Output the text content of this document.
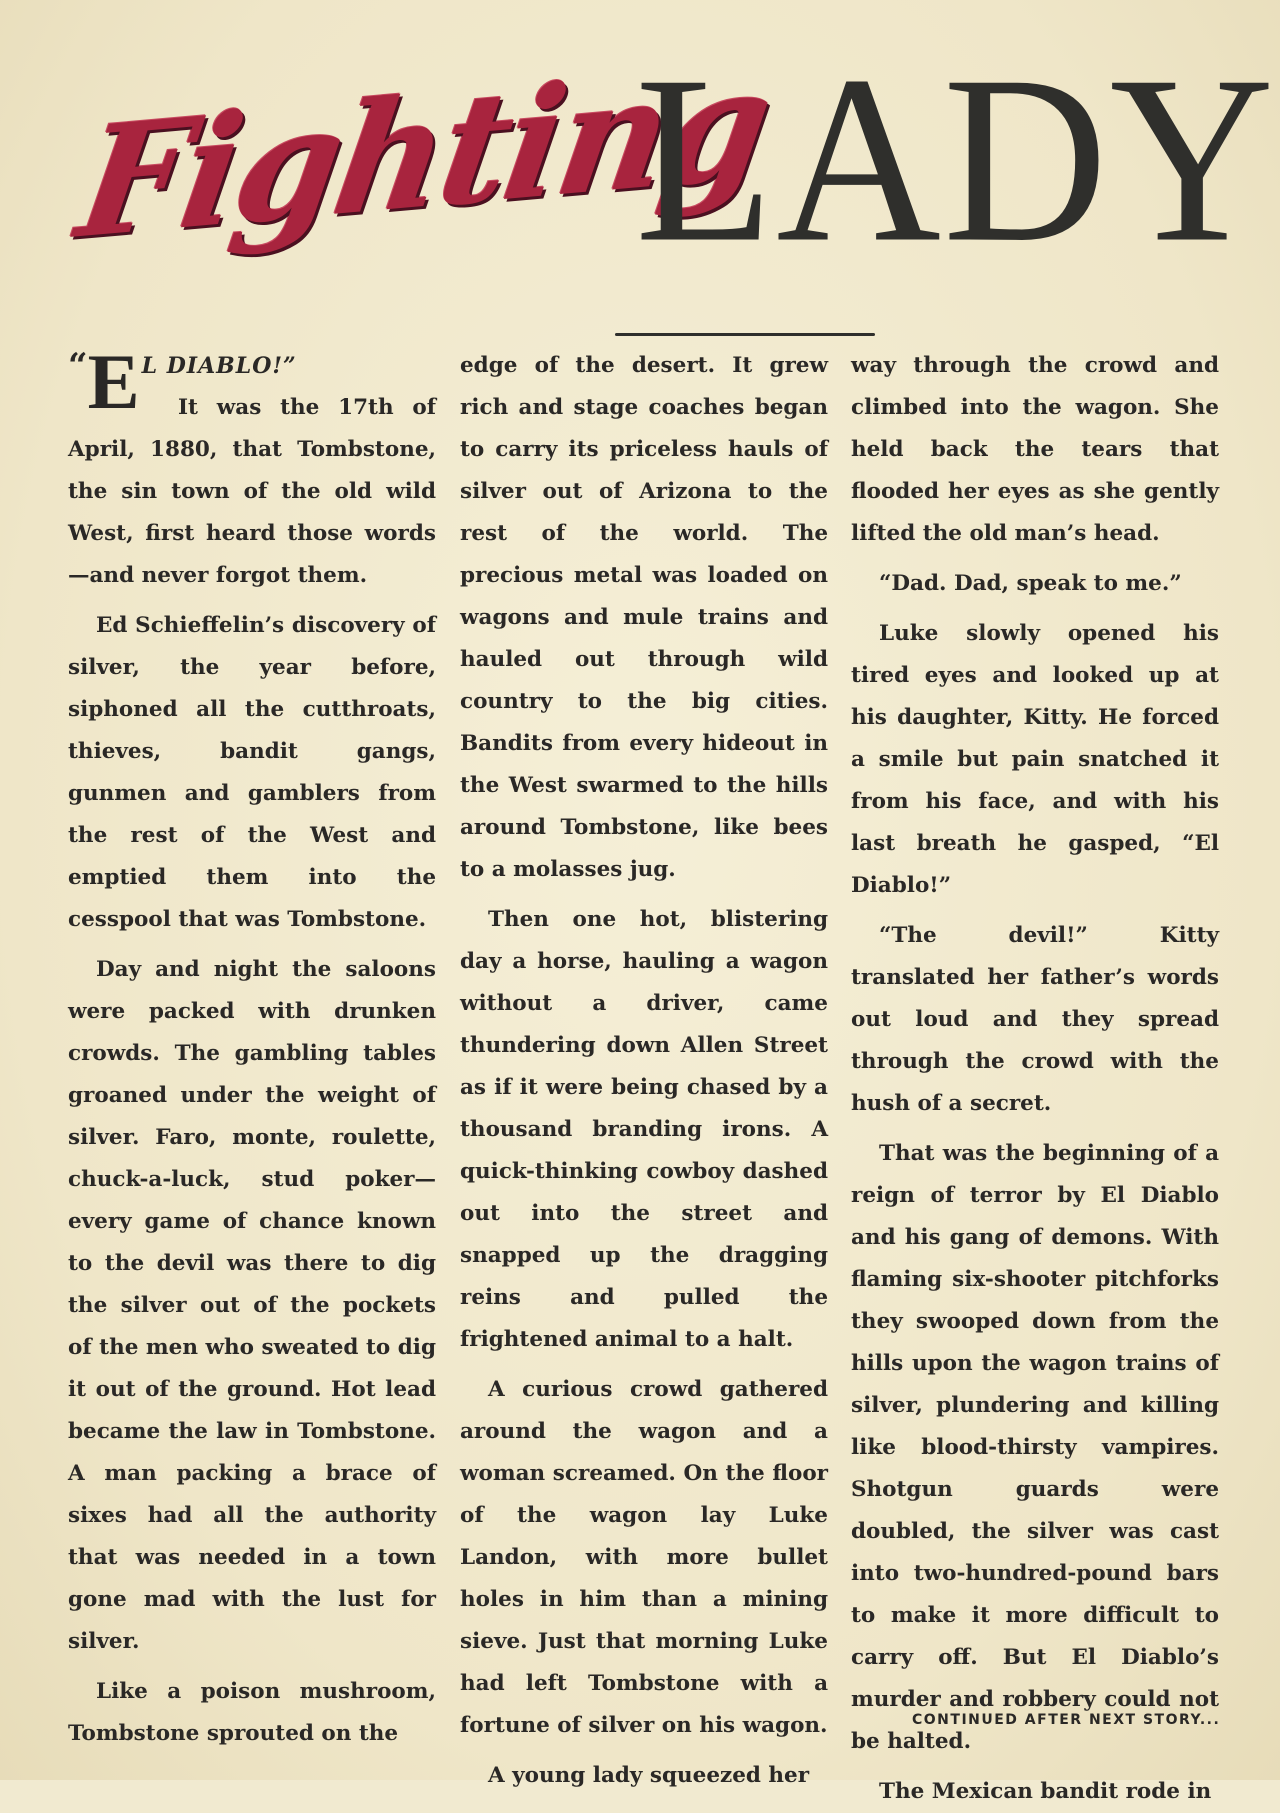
Fighting
LADY
“EL DIABLO!”

It was the 17th of April, 1880, that Tombstone, the sin town of the old wild West, first heard those words—and never forgot them.

Ed Schieffelin’s discovery of silver, the year before, siphoned all the cutthroats, thieves, bandit gangs, gunmen and gamblers from the rest of the West and emptied them into the cesspool that was Tombstone.

Day and night the saloons were packed with drunken crowds. The gambling tables groaned under the weight of silver. Faro, monte, roulette, chuck-a-luck, stud poker—every game of chance known to the devil was there to dig the silver out of the pockets of the men who sweated to dig it out of the ground. Hot lead became the law in Tombstone. A man packing a brace of sixes had all the authority that was needed in a town gone mad with the lust for silver.

Like a poison mushroom, Tombstone sprouted on the

edge of the desert. It grew rich and stage coaches began to carry its priceless hauls of silver out of Arizona to the rest of the world. The precious metal was loaded on wagons and mule trains and hauled out through wild country to the big cities. Bandits from every hideout in the West swarmed to the hills around Tombstone, like bees to a molasses jug.

Then one hot, blistering day a horse, hauling a wagon without a driver, came thundering down Allen Street as if it were being chased by a thousand branding irons. A quick-thinking cowboy dashed out into the street and snapped up the dragging reins and pulled the frightened animal to a halt.

A curious crowd gathered around the wagon and a woman screamed. On the floor of the wagon lay Luke Landon, with more bullet holes in him than a mining sieve. Just that morning Luke had left Tombstone with a fortune of silver on his wagon.

A young lady squeezed her

way through the crowd and climbed into the wagon. She held back the tears that flooded her eyes as she gently lifted the old man’s head.

“Dad. Dad, speak to me.”

Luke slowly opened his tired eyes and looked up at his daughter, Kitty. He forced a smile but pain snatched it from his face, and with his last breath he gasped, “El Diablo!”

“The devil!” Kitty translated her father’s words out loud and they spread through the crowd with the hush of a secret.

That was the beginning of a reign of terror by El Diablo and his gang of demons. With flaming six-shooter pitchforks they swooped down from the hills upon the wagon trains of silver, plundering and killing like blood-thirsty vampires. Shotgun guards were doubled, the silver was cast into two-hundred-pound bars to make it more difficult to carry off. But El Diablo’s murder and robbery could not be halted.

The Mexican bandit rode in

CONTINUED AFTER NEXT STORY...
